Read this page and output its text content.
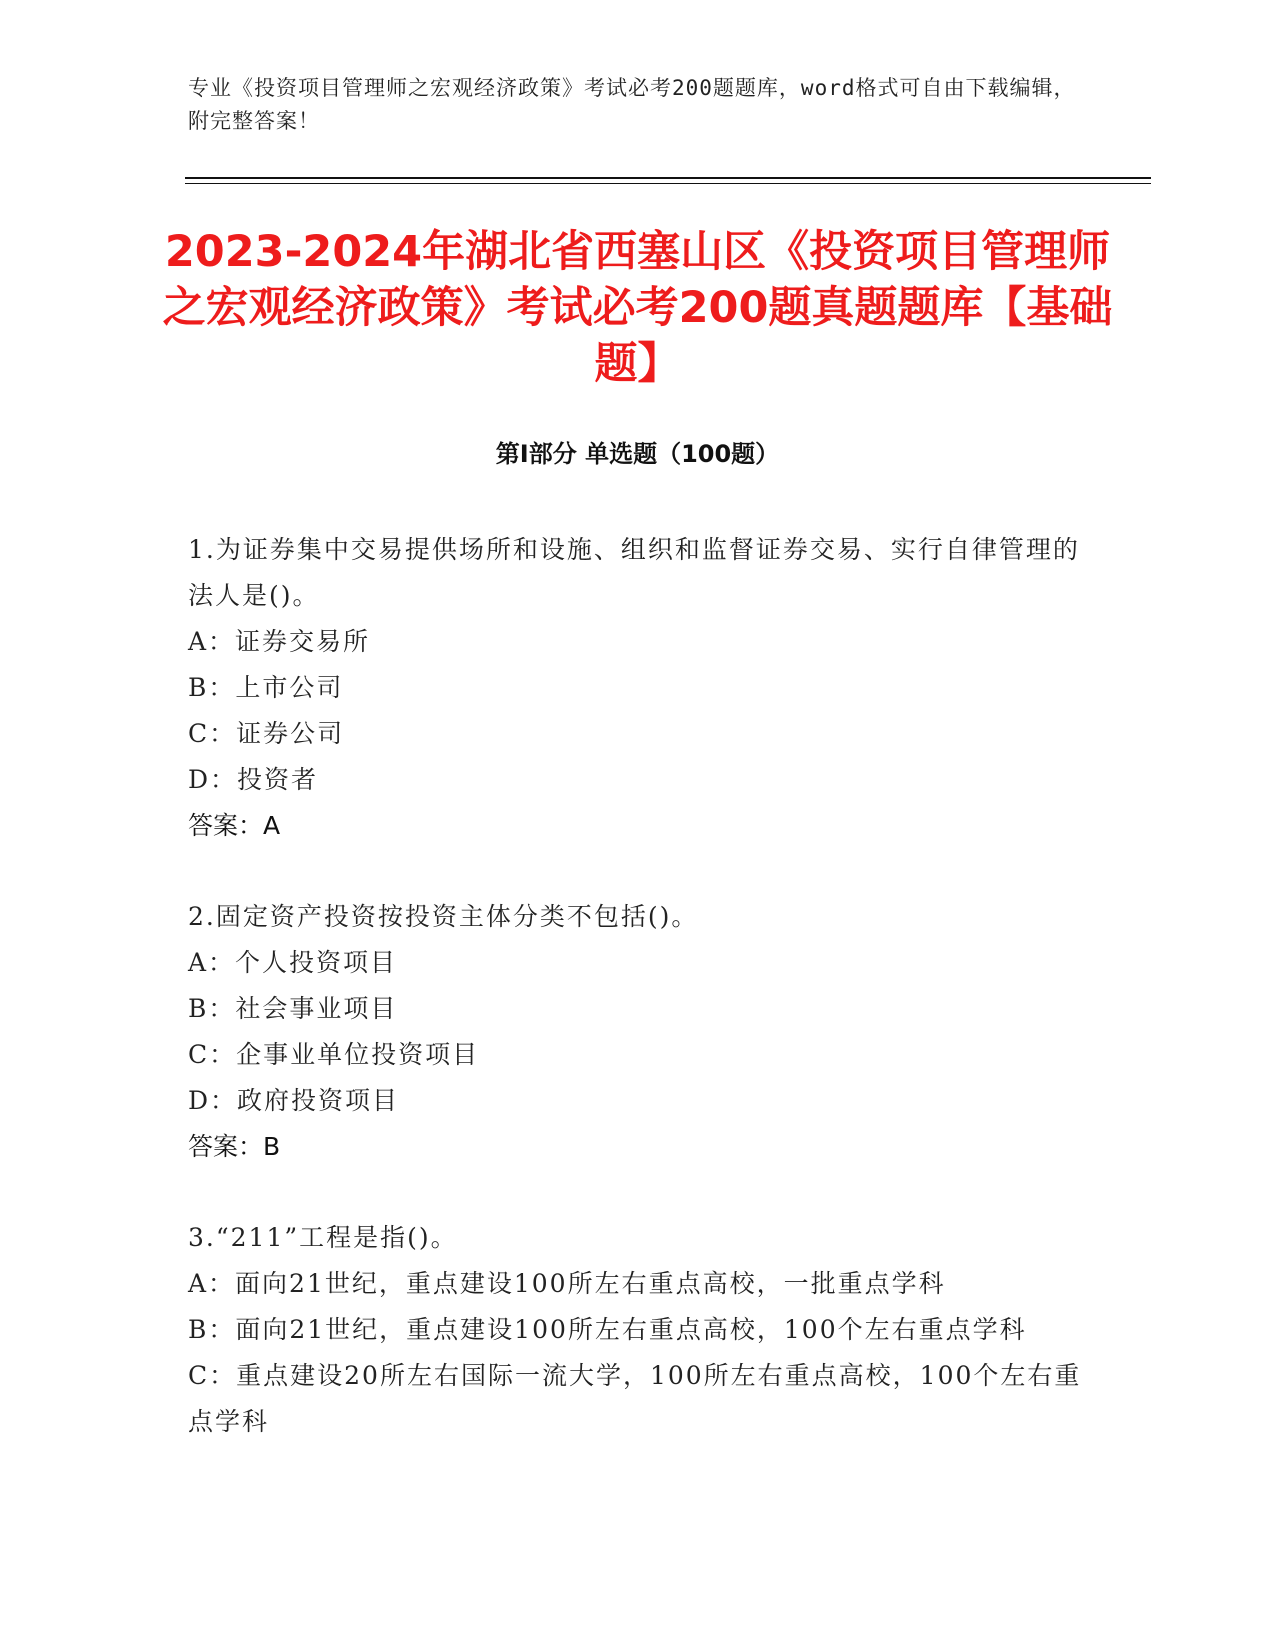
专业《投资项目管理师之宏观经济政策》考试必考200题题库，word格式可自由下载编辑，附完整答案！
2023-2024年湖北省西塞山区《投资项目管理师之宏观经济政策》考试必考200题真题题库【基础题】
第I部分 单选题（100题）

1.为证券集中交易提供场所和设施、组织和监督证券交易、实行自律管理的法人是()。

A：证券交易所

B：上市公司

C：证券公司

D：投资者

答案：A

2.固定资产投资按投资主体分类不包括()。

A：个人投资项目

B：社会事业项目

C：企事业单位投资项目

D：政府投资项目

答案：B

3.“211”工程是指()。

A：面向21世纪，重点建设100所左右重点高校，一批重点学科

B：面向21世纪，重点建设100所左右重点高校，100个左右重点学科

C：重点建设20所左右国际一流大学，100所左右重点高校，100个左右重点学科
